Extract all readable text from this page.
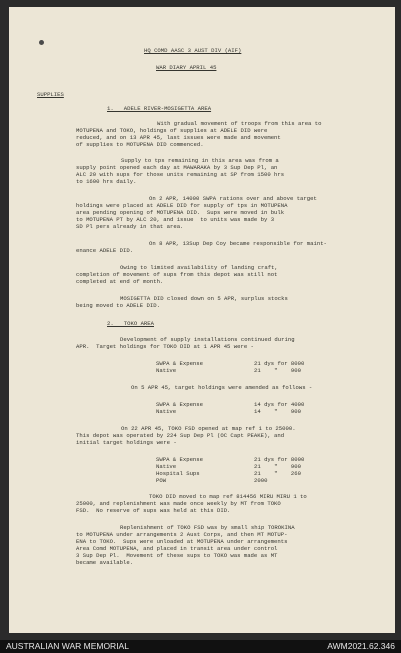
HQ COMD AASC 3 AUST DIV (AIF)
WAR DIARY APRIL 45
SUPPLIES
1.   ADELE RIVER-MOSIGETTA AREA
With gradual movement of troops from this area to
MOTUPENA and TOKO, holdings of supplies at ADELE DID were
reduced, and on 13 APR 45, last issues were made and movement
of supplies to MOTUPENA DID commenced.
Supply to tps remaining in this area was from a
supply point opened each day at MAWARAKA by 3 Sup Dep Pl, an
ALC 20 with sups for those units remaining at SP from 1500 hrs
to 1600 hrs daily.
On 2 APR, 14000 SWPA rations over and above target
holdings were placed at ADELE DID for supply of tps in MOTUPENA
area pending opening of MOTUPENA DID.  Sups were moved in bulk
to MOTUPENA PT by ALC 20, and issue  to units was made by 3
SD Pl pers already in that area.
On 8 APR, 13Sup Dep Coy became responsible for maint-
enance ADELE DID.
Owing to limited availability of landing craft,
completion of movement of sups from this depot was still not
completed at end of month.
MOSIGETTA DID closed down on 5 APR, surplus stocks
being moved to ADELE DID.
2.   TOKO AREA
Development of supply installations continued during
APR.  Target holdings for TOKO DID at 1 APR 45 were -
SWPA & Expense	21 dys for 8000
Native	21    "    900
On 5 APR 45, target holdings were amended as follows -
SWPA & Expense	14 dys for 4000
Native	14    "    900
On 22 APR 45, TOKO FSD opened at map ref 1 to 25000.
This depot was operated by 224 Sup Dep Pl (OC Capt PEAKE), and
initial target holdings were -
SWPA & Expense	21 dys for 8000
Native	21    "    900
Hospital Sups	21    "    260
POW	2000
TOKO DID moved to map ref 814456 MIRU MIRU 1 to
25000, and replenishment was made once weekly by MT from TOKO
FSD.  No reserve of sups was held at this DID.
Replenishment of TOKO FSD was by small ship TOROKINA
to MOTUPENA under arrangements 2 Aust Corps, and then MT MOTUP-
ENA to TOKO.  Sups were unloaded at MOTUPENA under arrangements
Area Comd MOTUPENA, and placed in transit area under control
3 Sup Dep Pl.  Movement of these sups to TOKO was made as MT
became available.
AUSTRALIAN WAR MEMORIAL	AWM2021.62.346
